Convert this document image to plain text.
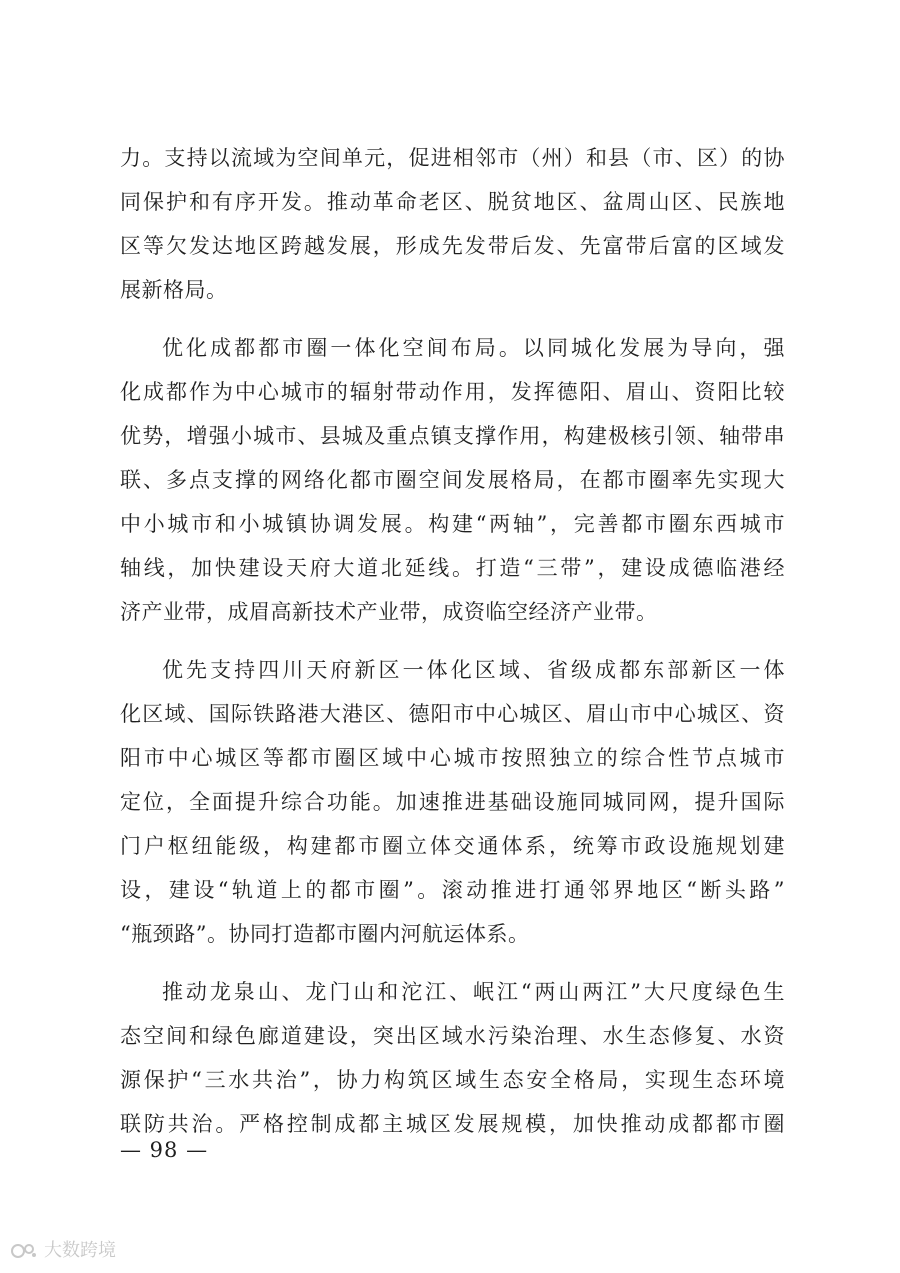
力。支持以流域为空间单元，促进相邻市（州）和县（市、区）的协
同保护和有序开发。推动革命老区、脱贫地区、盆周山区、民族地
区等欠发达地区跨越发展，形成先发带后发、先富带后富的区域发
展新格局。
优化成都都市圈一体化空间布局。以同城化发展为导向，强
化成都作为中心城市的辐射带动作用，发挥德阳、眉山、资阳比较
优势，增强小城市、县城及重点镇支撑作用，构建极核引领、轴带串
联、多点支撑的网络化都市圈空间发展格局，在都市圈率先实现大
中小城市和小城镇协调发展。构建“两轴”，完善都市圈东西城市
轴线，加快建设天府大道北延线。打造“三带”，建设成德临港经
济产业带，成眉高新技术产业带，成资临空经济产业带。
优先支持四川天府新区一体化区域、省级成都东部新区一体
化区域、国际铁路港大港区、德阳市中心城区、眉山市中心城区、资
阳市中心城区等都市圈区域中心城市按照独立的综合性节点城市
定位，全面提升综合功能。加速推进基础设施同城同网，提升国际
门户枢纽能级，构建都市圈立体交通体系，统筹市政设施规划建
设，建设“轨道上的都市圈”。滚动推进打通邻界地区“断头路”
“瓶颈路”。协同打造都市圈内河航运体系。
推动龙泉山、龙门山和沱江、岷江“两山两江”大尺度绿色生
态空间和绿色廊道建设，突出区域水污染治理、水生态修复、水资
源保护“三水共治”，协力构筑区域生态安全格局，实现生态环境
联防共治。严格控制成都主城区发展规模，加快推动成都都市圈
— 98 —
大数跨境
